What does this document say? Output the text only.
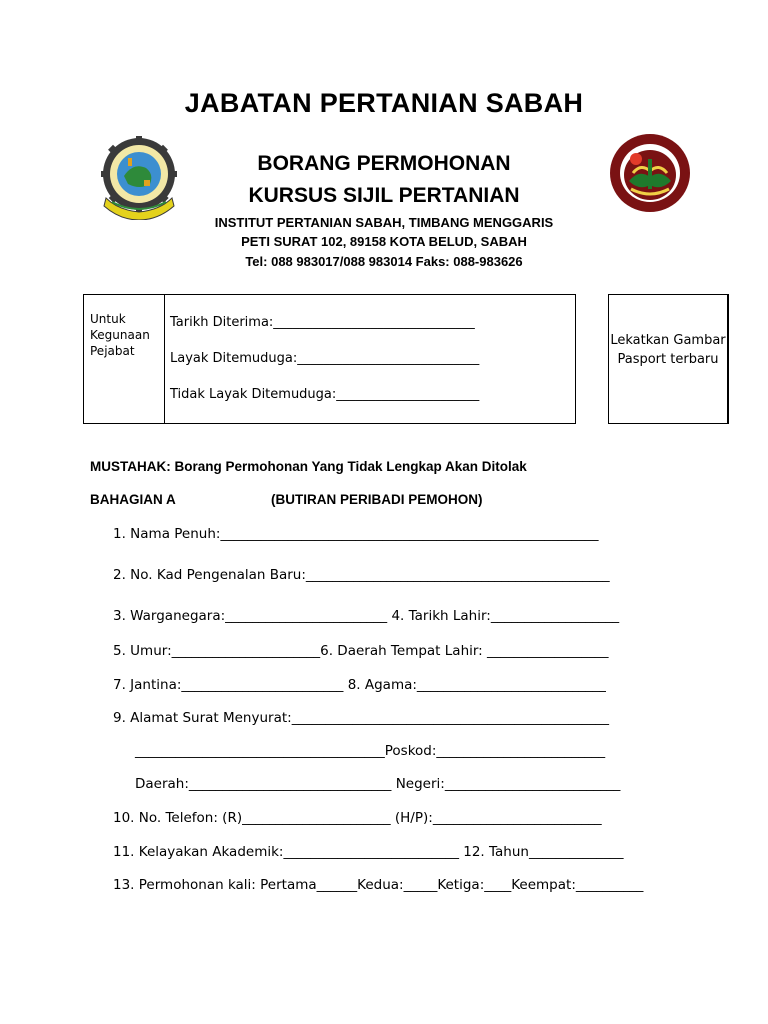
JABATAN PERTANIAN SABAH
BORANG PERMOHONAN
KURSUS SIJIL PERTANIAN
INSTITUT PERTANIAN SABAH, TIMBANG MENGGARIS
PETI SURAT 102, 89158 KOTA BELUD, SABAH
Tel: 088 983017/088 983014 Faks: 088-983626
Untuk Kegunaan Pejabat
Tarikh Diterima:_______________________________
Layak Ditemuduga:____________________________
Tidak Layak Ditemuduga:______________________
Lekatkan Gambar Pasport terbaru
MUSTAHAK: Borang Permohonan Yang Tidak Lengkap Akan Ditolak
BAHAGIAN A	(BUTIRAN PERIBADI PEMOHON)
1. Nama Penuh:________________________________________________________
2. No. Kad Pengenalan Baru:_____________________________________________
3. Warganegara:________________________ 4. Tarikh Lahir:___________________
5. Umur:______________________6. Daerah Tempat Lahir: __________________
7. Jantina:________________________ 8. Agama:____________________________
9. Alamat Surat Menyurat:_______________________________________________
_____________________________________Poskod:_________________________
Daerah:______________________________ Negeri:__________________________
10. No. Telefon: (R)______________________ (H/P):_________________________
11. Kelayakan Akademik:__________________________ 12. Tahun______________
13. Permohonan kali: Pertama______Kedua:_____Ketiga:____Keempat:__________
